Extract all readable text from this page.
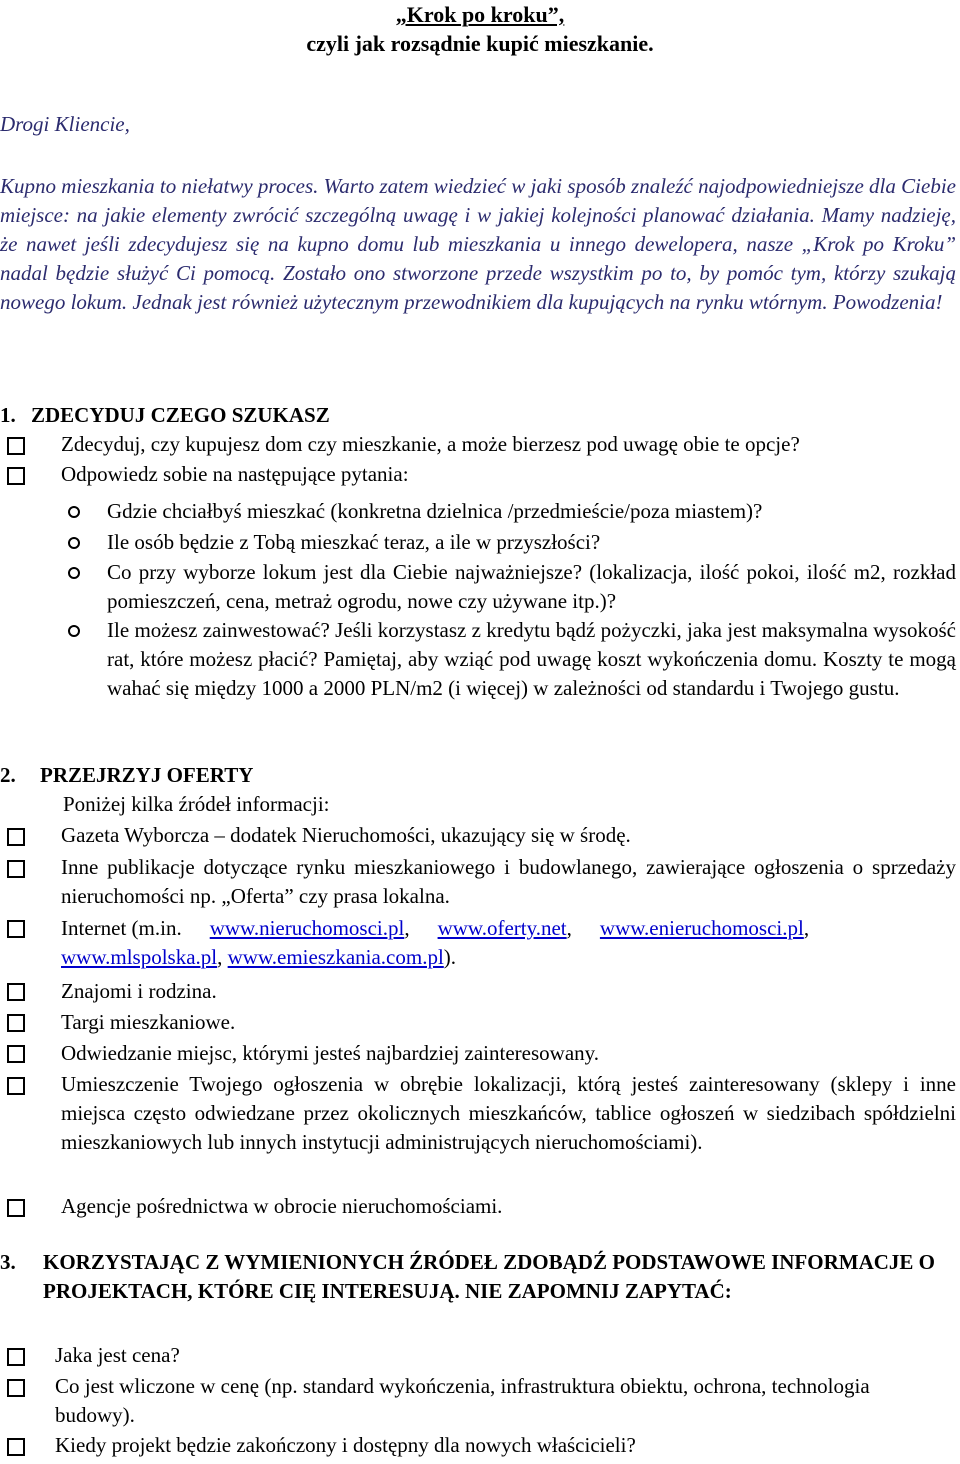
„Krok po kroku”,
czyli jak rozsądnie kupić mieszkanie.

Drogi Kliencie,

Kupno mieszkania to niełatwy proces. Warto zatem wiedzieć w jaki sposób znaleźć najodpowiedniejsze dla Ciebie miejsce: na jakie elementy zwrócić szczególną uwagę i w jakiej kolejności planować działania. Mamy nadzieję, że nawet jeśli zdecydujesz się na kupno domu lub mieszkania u innego dewelopera, nasze „Krok po Kroku” nadal będzie służyć Ci pomocą. Zostało ono stworzone przede wszystkim po to, by pomóc tym, którzy szukają nowego lokum. Jednak jest również użytecznym przewodnikiem dla kupujących na rynku wtórnym. Powodzenia!

1. ZDECYDUJ CZEGO SZUKASZ
Zdecyduj, czy kupujesz dom czy mieszkanie, a może bierzesz pod uwagę obie te opcje?
Odpowiedz sobie na następujące pytania:
Gdzie chciałbyś mieszkać (konkretna dzielnica /przedmieście/poza miastem)?
Ile osób będzie z Tobą mieszkać teraz, a ile w przyszłości?
Co przy wyborze lokum jest dla Ciebie najważniejsze? (lokalizacja, ilość pokoi, ilość m2, rozkład pomieszczeń, cena, metraż ogrodu, nowe czy używane itp.)?
Ile możesz zainwestować? Jeśli korzystasz z kredytu bądź pożyczki, jaka jest maksymalna wysokość rat, które możesz płacić? Pamiętaj, aby wziąć pod uwagę koszt wykończenia domu. Koszty te mogą wahać się między 1000 a 2000 PLN/m2 (i więcej) w zależności od standardu i Twojego gustu.
2. PRZEJRZYJ OFERTY
Poniżej kilka źródeł informacji:
Gazeta Wyborcza – dodatek Nieruchomości, ukazujący się w środę.
Inne publikacje dotyczące rynku mieszkaniowego i budowlanego, zawierające ogłoszenia o sprzedaży nieruchomości np. „Oferta” czy prasa lokalna.
Internet (m.in. www.nieruchomosci.pl, www.oferty.net, www.enieruchomosci.pl,
www.mlspolska.pl, www.emieszkania.com.pl).
Znajomi i rodzina.
Targi mieszkaniowe.
Odwiedzanie miejsc, którymi jesteś najbardziej zainteresowany.
Umieszczenie Twojego ogłoszenia w obrębie lokalizacji, którą jesteś zainteresowany (sklepy i inne miejsca często odwiedzane przez okolicznych mieszkańców, tablice ogłoszeń w siedzibach spółdzielni mieszkaniowych lub innych instytucji administrujących nieruchomościami).
Agencje pośrednictwa w obrocie nieruchomościami.
3. KORZYSTAJĄC Z WYMIENIONYCH ŹRÓDEŁ ZDOBĄDŹ PODSTAWOWE INFORMACJE O PROJEKTACH, KTÓRE CIĘ INTERESUJĄ. NIE ZAPOMNIJ ZAPYTAĆ:
Jaka jest cena?
Co jest wliczone w cenę (np. standard wykończenia, infrastruktura obiektu, ochrona, technologia budowy).
Kiedy projekt będzie zakończony i dostępny dla nowych właścicieli?
